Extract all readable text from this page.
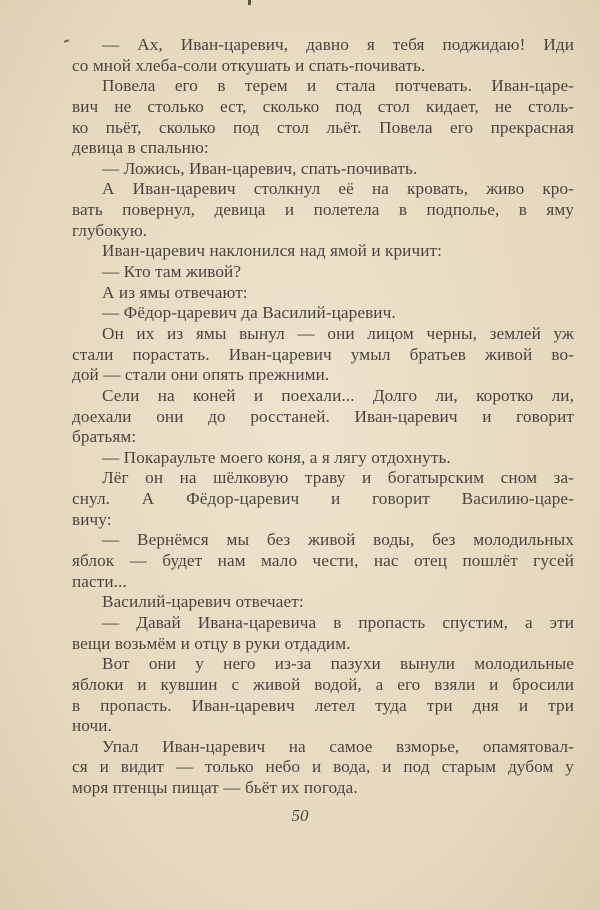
— Ах, Иван-царевич, давно я тебя поджидаю! Иди
со мной хлеба-соли откушать и спать-почивать.
Повела его в терем и стала потчевать. Иван-царе-
вич не столько ест, сколько под стол кидает, не столь-
ко пьёт, сколько под стол льёт. Повела его прекрасная
девица в спальню:
— Ложись, Иван-царевич, спать-почивать.
А Иван-царевич столкнул её на кровать, живо кро-
вать повернул, девица и полетела в подполье, в яму
глубокую.
Иван-царевич наклонился над ямой и кричит:
— Кто там живой?
А из ямы отвечают:
— Фёдор-царевич да Василий-царевич.
Он их из ямы вынул — они лицом черны, землей уж
стали порастать. Иван-царевич умыл братьев живой во-
дой — стали они опять прежними.
Сели на коней и поехали... Долго ли, коротко ли,
доехали они до росстаней. Иван-царевич и говорит
братьям:
— Покараульте моего коня, а я лягу отдохнуть.
Лёг он на шёлковую траву и богатырским сном за-
снул. А Фёдор-царевич и говорит Василию-царе-
вичу:
— Вернёмся мы без живой воды, без молодильных
яблок — будет нам мало чести, нас отец пошлёт гусей
пасти...
Василий-царевич отвечает:
— Давай Ивана-царевича в пропасть спустим, а эти
вещи возьмём и отцу в руки отдадим.
Вот они у него из-за пазухи вынули молодильные
яблоки и кувшин с живой водой, а его взяли и бросили
в пропасть. Иван-царевич летел туда три дня и три
ночи.
Упал Иван-царевич на самое взморье, опамятовал-
ся и видит — только небо и вода, и под старым дубом у
моря птенцы пищат — бьёт их погода.
50
